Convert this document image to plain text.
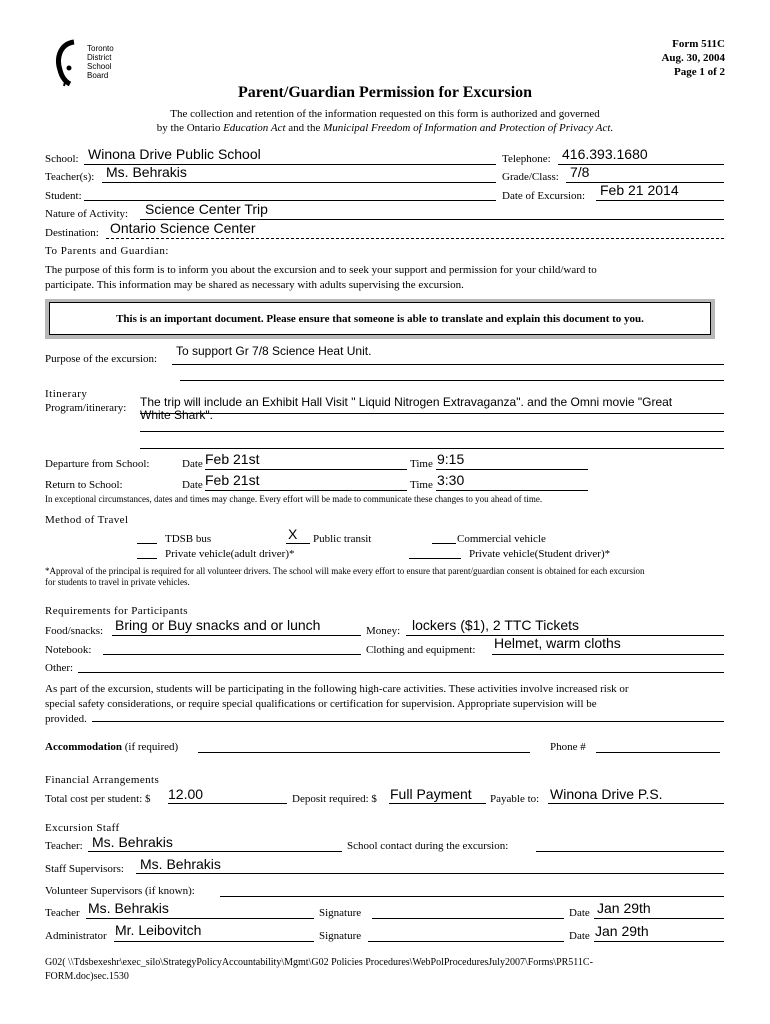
Toronto
District
School
Board
Form 511C
Aug. 30, 2004
Page 1 of 2
Parent/Guardian Permission for Excursion
The collection and retention of the information requested on this form is authorized and governed
by the Ontario Education Act and the Municipal Freedom of Information and Protection of Privacy Act.
School: Winona Drive Public School	Telephone: 416.393.1680
Teacher(s): Ms. Behrakis	Grade/Class: 7/8
Student:	Date of Excursion: Feb 21 2014
Nature of Activity: Science Center Trip
Destination: Ontario Science Center
To Parents and Guardian:
The purpose of this form is to inform you about the excursion and to seek your support and permission for your child/ward to
participate. This information may be shared as necessary with adults supervising the excursion.
This is an important document. Please ensure that someone is able to translate and explain this document to you.
Purpose of the excursion:
To support Gr 7/8 Science Heat Unit.
Itinerary
Program/itinerary: The trip will include an Exhibit Hall Visit " Liquid Nitrogen Extravaganza". and the Omni movie "Great
White Shark".
Departure from School:	Date Feb 21st	Time 9:15
Return to School:	Date Feb 21st	Time 3:30
In exceptional circumstances, dates and times may change. Every effort will be made to communicate these changes to you ahead of time.
Method of Travel
TDSB bus	X Public transit	Commercial vehicle
Private vehicle(adult driver)*	Private vehicle(Student driver)*
*Approval of the principal is required for all volunteer drivers. The school will make every effort to ensure that parent/guardian consent is obtained for each excursion
for students to travel in private vehicles.
Requirements for Participants
Food/snacks: Bring or Buy snacks and or lunch	Money: lockers ($1), 2 TTC Tickets
Notebook:	Clothing and equipment: Helmet, warm cloths
Other:
As part of the excursion, students will be participating in the following high-care activities. These activities involve increased risk or
special safety considerations, or require special qualifications or certification for supervision. Appropriate supervision will be
provided.
Accommodation (if required)	Phone #
Financial Arrangements
Total cost per student: $ 12.00	Deposit required: $ Full Payment Payable to: Winona Drive P.S.
Excursion Staff
Teacher: Ms. Behrakis	School contact during the excursion:
Staff Supervisors: Ms. Behrakis
Volunteer Supervisors (if known):
Teacher Ms. Behrakis	Signature	Date Jan 29th
Administrator Mr. Leibovitch	Signature	Date Jan 29th
G02( \\Tdsbexeshr\exec_silo\StrategyPolicyAccountability\Mgmt\G02 Policies Procedures\WebPolProceduresJuly2007\Forms\PR511C-
FORM.doc)sec.1530
